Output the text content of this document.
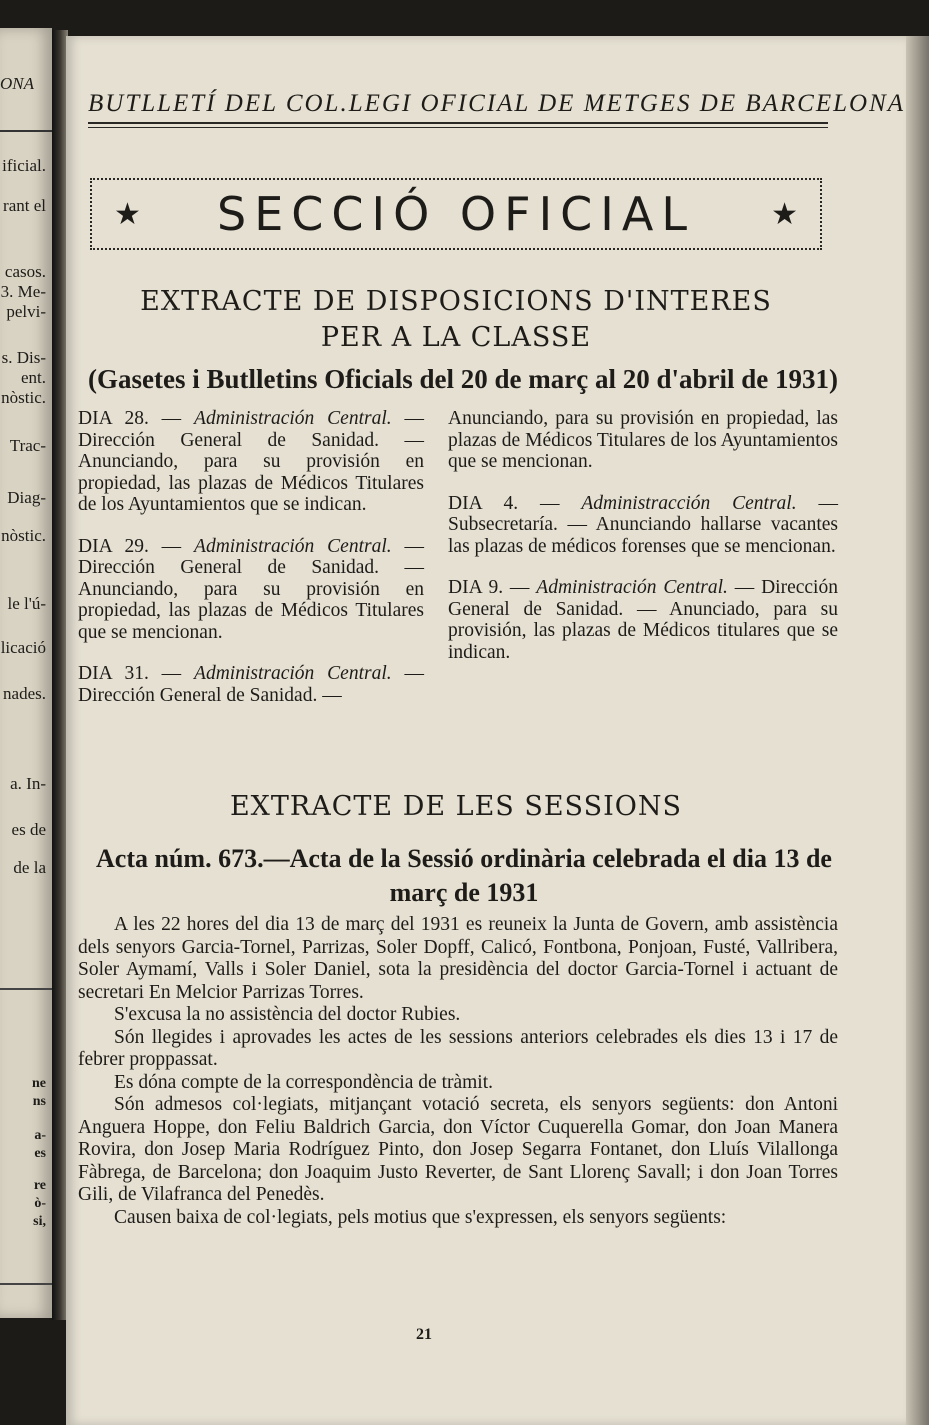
ONA
ificial.
rant el
casos.
3. Me-
pelvi-
s. Dis-
ent.
nòstic.
Trac-
Diag-
nòstic.
le l'ú-
licació
nades.
a. In-
es de
de la
ne
ns
a-
es
re
ò-
si,
BUTLLETÍ DEL COL.LEGI OFICIAL DE METGES DE BARCELONA
★ SECCIÓ OFICIAL	★
EXTRACTE DE DISPOSICIONS D'INTERES
PER A LA CLASSE
(Gasetes i Butlletins Oficials del 20 de març al 20 d'abril de 1931)
DIA 28. — Administración Central. — Dirección General de Sanidad. — Anunciando, para su provisión en propiedad, las plazas de Médicos Titulares de los Ayuntamientos que se indican.
DIA 29. — Administración Central. — Dirección General de Sanidad. — Anunciando, para su provisión en propiedad, las plazas de Médicos Titulares que se mencionan.
DIA 31. — Administración Central. — Dirección General de Sanidad. —
Anunciando, para su provisión en propiedad, las plazas de Médicos Titulares de los Ayuntamientos que se mencionan.
DIA 4. — Administracción Central. — Subsecretaría. — Anunciando hallarse vacantes las plazas de médicos forenses que se mencionan.
DIA 9. — Administración Central. — Dirección General de Sanidad. — Anunciado, para su provisión, las plazas de Médicos titulares que se indican.
EXTRACTE DE LES SESSIONS
Acta núm. 673.—Acta de la Sessió ordinària celebrada el dia 13 de març de 1931

A les 22 hores del dia 13 de març del 1931 es reuneix la Junta de Govern, amb assistència dels senyors Garcia-Tornel, Parrizas, Soler Dopff, Calicó, Fontbona, Ponjoan, Fusté, Vallribera, Soler Aymamí, Valls i Soler Daniel, sota la presidència del doctor Garcia-Tornel i actuant de secretari En Melcior Parrizas Torres.

S'excusa la no assistència del doctor Rubies.

Són llegides i aprovades les actes de les sessions anteriors celebrades els dies 13 i 17 de febrer proppassat.

Es dóna compte de la correspondència de tràmit.

Són admesos col·legiats, mitjançant votació secreta, els senyors següents: don Antoni Anguera Hoppe, don Feliu Baldrich Garcia, don Víctor Cuquerella Gomar, don Joan Manera Rovira, don Josep Maria Rodríguez Pinto, don Josep Segarra Fontanet, don Lluís Vilallonga Fàbrega, de Barcelona; don Joaquim Justo Reverter, de Sant Llorenç Savall; i don Joan Torres Gili, de Vilafranca del Penedès.

Causen baixa de col·legiats, pels motius que s'expressen, els senyors següents:

21
